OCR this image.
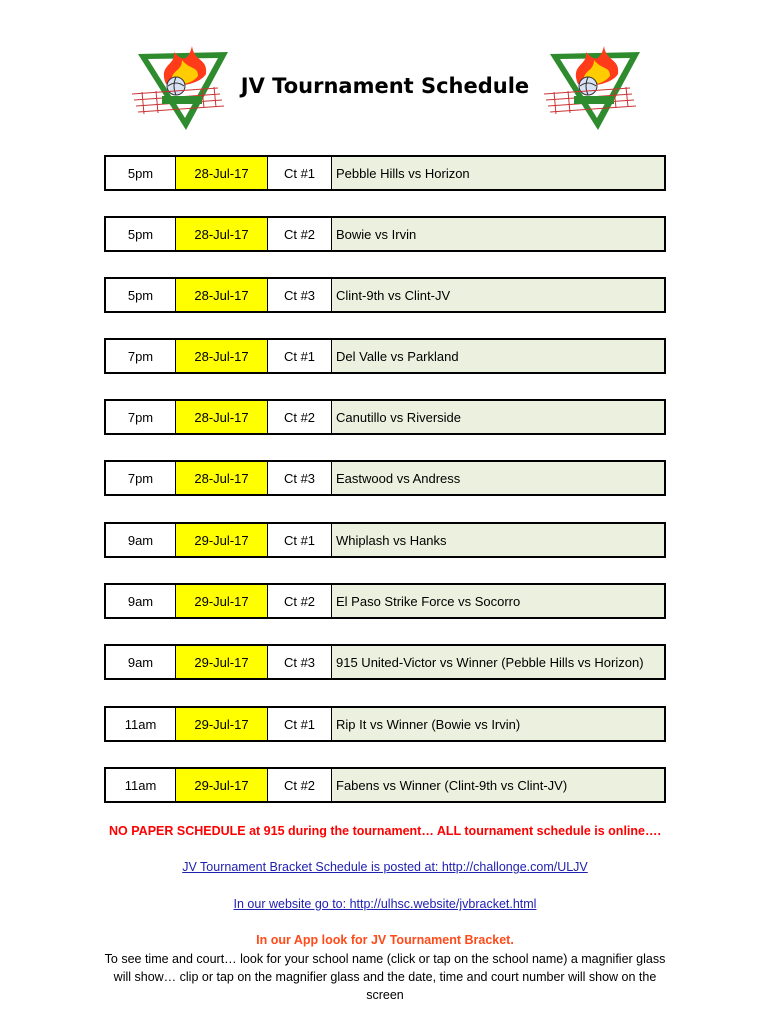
JV Tournament Schedule
5pm	28-Jul-17	Ct #1	Pebble Hills vs Horizon
5pm	28-Jul-17	Ct #2	Bowie vs Irvin
5pm	28-Jul-17	Ct #3	Clint-9th vs Clint-JV
7pm	28-Jul-17	Ct #1	Del Valle vs Parkland
7pm	28-Jul-17	Ct #2	Canutillo vs Riverside
7pm	28-Jul-17	Ct #3	Eastwood vs Andress
9am	29-Jul-17	Ct #1	Whiplash vs Hanks
9am	29-Jul-17	Ct #2	El Paso Strike Force vs Socorro
9am	29-Jul-17	Ct #3	915 United-Victor vs Winner (Pebble Hills vs Horizon)
11am	29-Jul-17	Ct #1	Rip It vs Winner (Bowie vs Irvin)
11am	29-Jul-17	Ct #2	Fabens vs Winner (Clint-9th vs Clint-JV)
NO PAPER SCHEDULE at 915 during the tournament… ALL tournament schedule is online….
JV Tournament Bracket Schedule is posted at: http://challonge.com/ULJV
In our website go to: http://ulhsc.website/jvbracket.html
In our App look for JV Tournament Bracket.
To see time and court… look for your school name (click or tap on the school name) a magnifier glass
will show… clip or tap on the magnifier glass and the date, time and court number will show on the
screen
